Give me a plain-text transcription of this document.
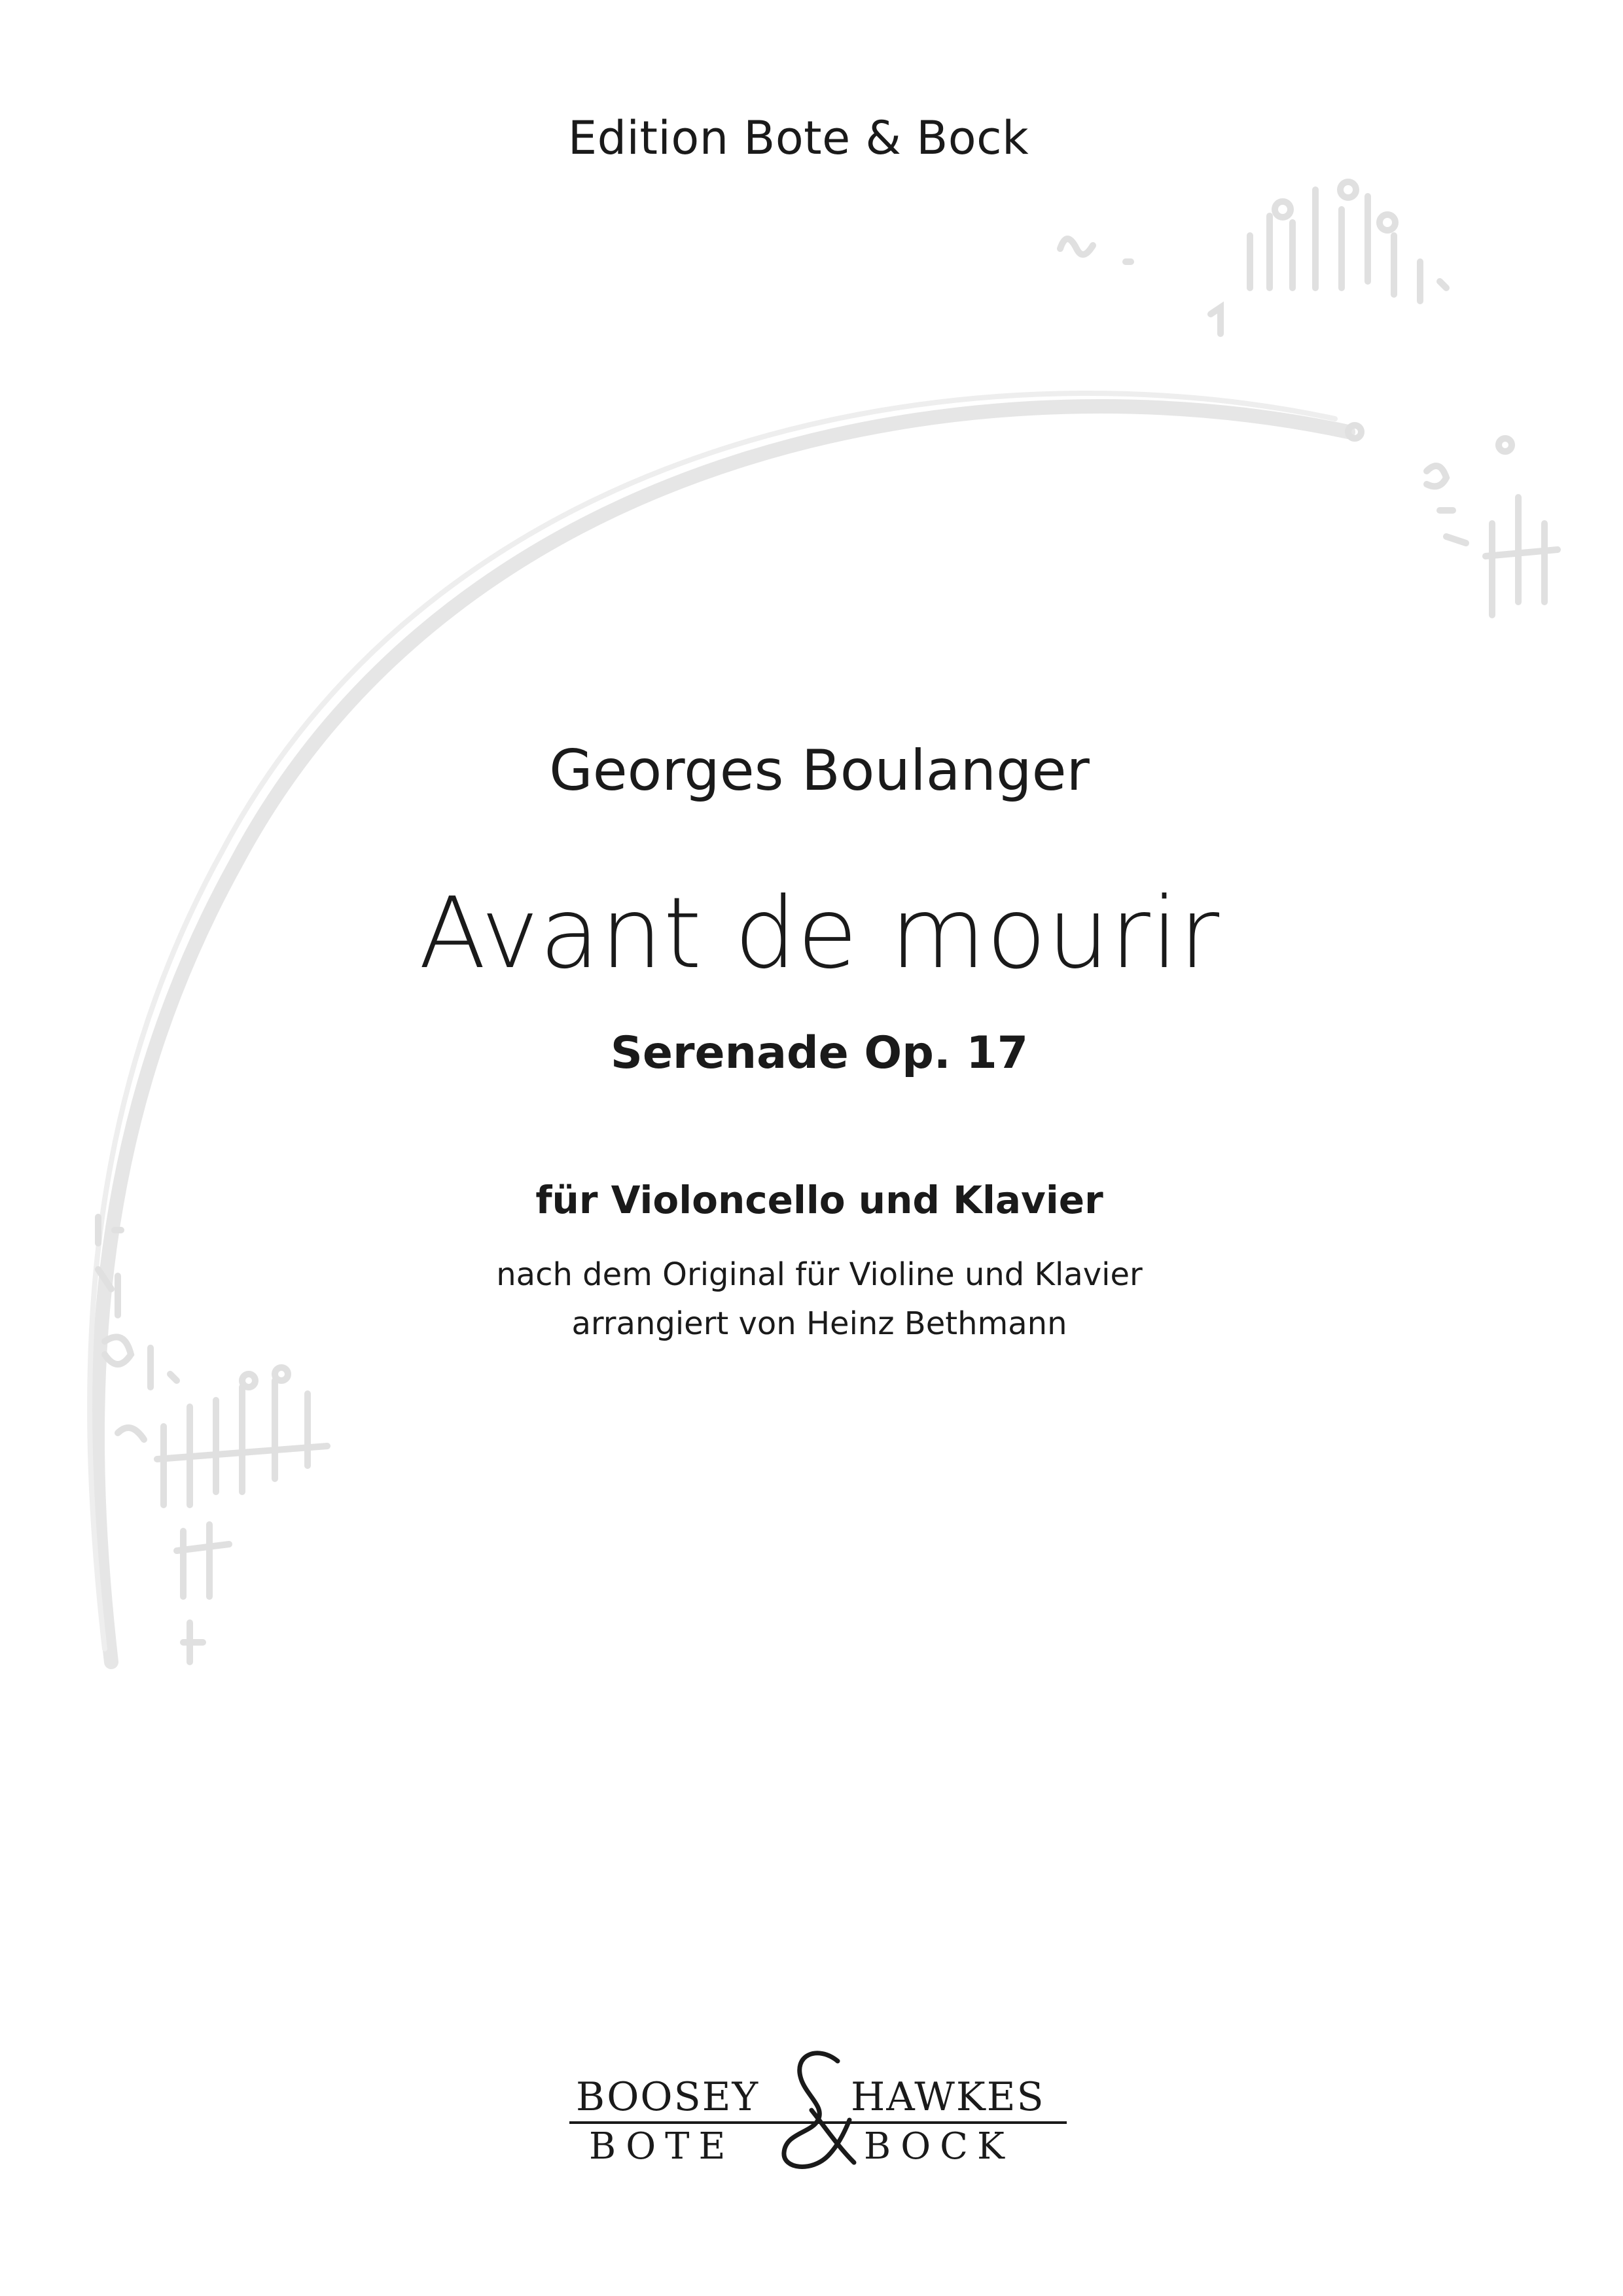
Edition Bote & Bock
Georges Boulanger
Avant de mourir
Serenade Op. 17
für Violoncello und Klavier
nach dem Original für Violine und Klavier
arrangiert von Heinz Bethmann
BOOSEY HAWKES
BOTE	BOCK
